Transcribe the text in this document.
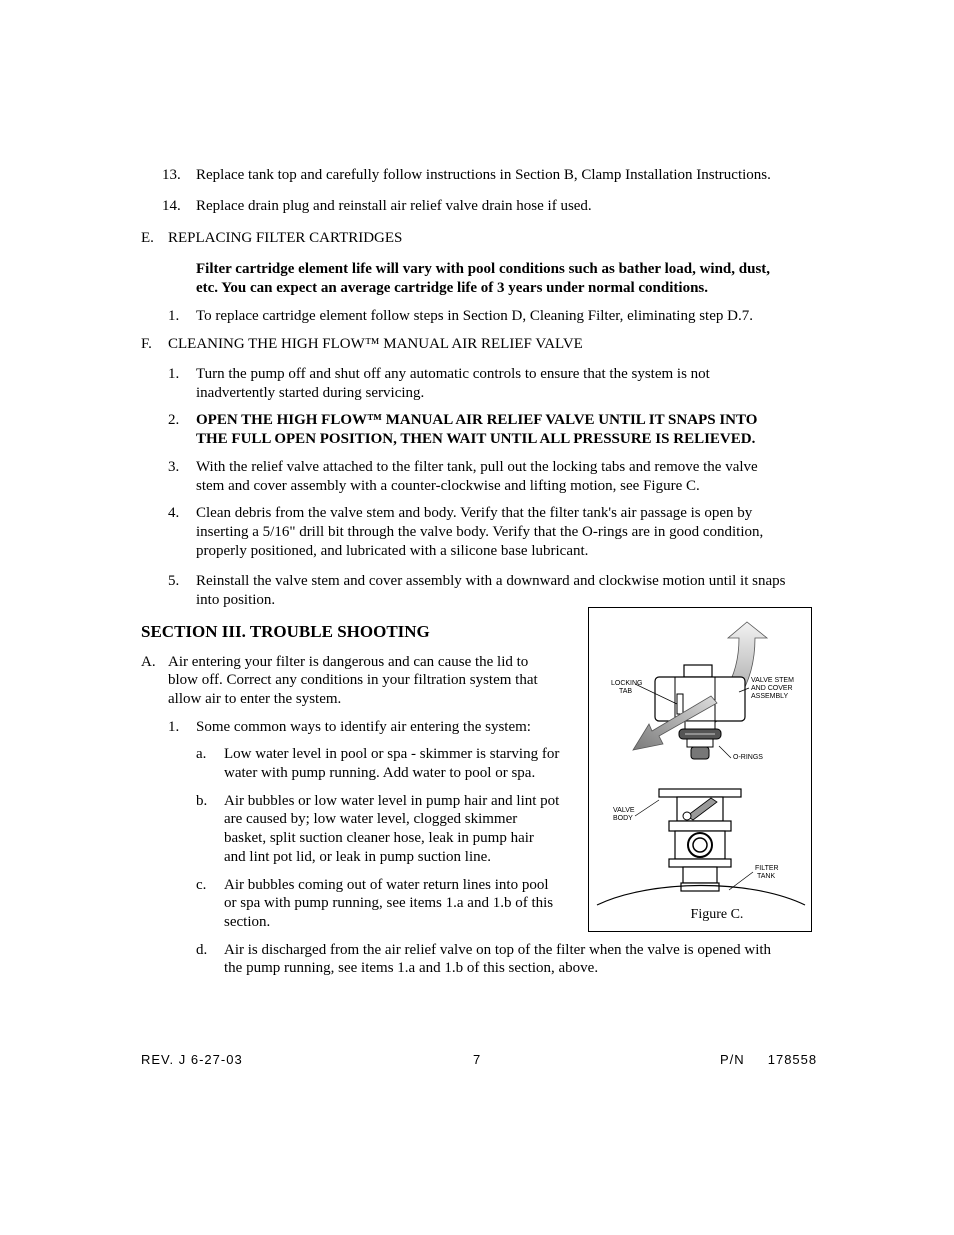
13. Replace tank top and carefully follow instructions in Section B, Clamp Installation Instructions.
14. Replace drain plug and reinstall air relief valve drain hose if used.
E. REPLACING FILTER CARTRIDGES
Filter cartridge element life will vary with pool conditions such as bather load, wind, dust,
etc. You can expect an average cartridge life of 3 years under normal conditions.
1. To replace cartridge element follow steps in Section D, Cleaning Filter, eliminating step D.7.
F. CLEANING THE HIGH FLOW™ MANUAL AIR RELIEF VALVE
1. Turn the pump off and shut off any automatic controls to ensure that the system is not
inadvertently started during servicing.
2. OPEN THE HIGH FLOW™ MANUAL AIR RELIEF VALVE UNTIL IT SNAPS INTO
THE FULL OPEN POSITION, THEN WAIT UNTIL ALL PRESSURE IS RELIEVED.
3. With the relief valve attached to the filter tank, pull out the locking tabs and remove the valve
stem and cover assembly with a counter-clockwise and lifting motion, see Figure C.
4. Clean debris from the valve stem and body. Verify that the filter tank's air passage is open by
inserting a 5/16" drill bit through the valve body. Verify that the O-rings are in good condition,
properly positioned, and lubricated with a silicone base lubricant.
5. Reinstall the valve stem and cover assembly with a downward and clockwise motion until it snaps
into position.
SECTION III. TROUBLE SHOOTING
A. Air entering your filter is dangerous and can cause the lid to
blow off. Correct any conditions in your filtration system that
allow air to enter the system.
1. Some common ways to identify air entering the system:
a. Low water level in pool or spa - skimmer is starving for
water with pump running. Add water to pool or spa.
b. Air bubbles or low water level in pump hair and lint pot
are caused by; low water level, clogged skimmer
basket, split suction cleaner hose, leak in pump hair
and lint pot lid, or leak in pump suction line.
c. Air bubbles coming out of water return lines into pool
or spa with pump running, see items 1.a and 1.b of this
section.
d. Air is discharged from the air relief valve on top of the filter when the valve is opened with
the pump running, see items 1.a and 1.b of this section, above.
LOCKING
TAB
VALVE STEM
AND COVER
ASSEMBLY
O-RINGS
VALVE
BODY
FILTER
TANK
Figure C.
REV. J 6-27-03	7	P/N     178558
